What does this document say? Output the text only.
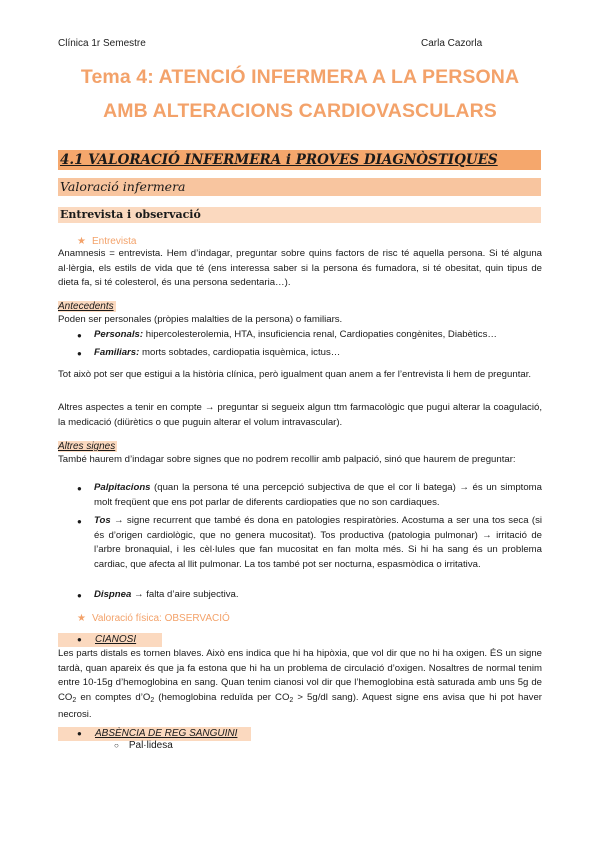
Clínica 1r Semestre	Carla Cazorla
Tema 4: ATENCIÓ INFERMERA A LA PERSONA
AMB ALTERACIONS CARDIOVASCULARS
4.1 VALORACIÓ INFERMERA i PROVES DIAGNÒSTIQUES
Valoració infermera
Entrevista i observació
★ Entrevista
Anamnesis = entrevista. Hem d’indagar, preguntar sobre quins factors de risc té aquella persona. Si té alguna al·lèrgia, els estils de vida que té (ens interessa saber si la persona és fumadora, si té obesitat, quin tipus de dieta fa, si té colesterol, és una persona sedentaria…).
Antecedents
Poden ser personales (pròpies malalties de la persona) o familiars.
● Personals: hipercolesterolemia, HTA, insuficiencia renal, Cardiopaties congènites, Diabètics…
● Familiars: morts sobtades, cardiopatia isquèmica, ictus…
Tot això pot ser que estigui a la història clínica, però igualment quan anem a fer l’entrevista li hem de preguntar.
Altres aspectes a tenir en compte → preguntar si segueix algun ttm farmacològic que pugui alterar la coagulació, la medicació (diürètics o que puguin alterar el volum intravascular).
Altres signes
També haurem d’indagar sobre signes que no podrem recollir amb palpació, sinó que haurem de preguntar:
● Palpitacions (quan la persona té una percepció subjectiva de que el cor li batega) → és un simptoma molt freqüent que ens pot parlar de diferents cardiopaties que no son cardiaques.
● Tos → signe recurrent que també és dona en patologies respiratòries. Acostuma a ser una tos seca (si és d’origen cardiològic, que no genera mucositat). Tos productiva (patologia pulmonar) → irritació de l’arbre bronaquial, i les cèl·lules que fan mucositat en fan molta més. Si hi ha sang és un problema cardiac, que afecta al llit pulmonar. La tos també pot ser nocturna, espasmòdica o irritativa.
● Dispnea → falta d’aire subjectiva.
★ Valoració física: OBSERVACIÓ
● CIANOSI
Les parts distals es tornen blaves. Això ens indica que hi ha hipòxia, que vol dir que no hi ha oxigen. ÉS un signe tardà, quan apareix és que ja fa estona que hi ha un problema de circulació d’oxigen. Nosaltres de normal tenim entre 10-15g d’hemoglobina en sang. Quan tenim cianosi vol dir que l’hemoglobina està saturada amb uns 5g de $CO_2$ en comptes $d’O_2$ (hemoglobina reduïda per $CO_2 > 5g/dl$ sang). Aquest signe ens avisa que hi pot haver necrosi.
● ABSÈNCIA DE REG SANGUINI
○ Pal·lidesa
